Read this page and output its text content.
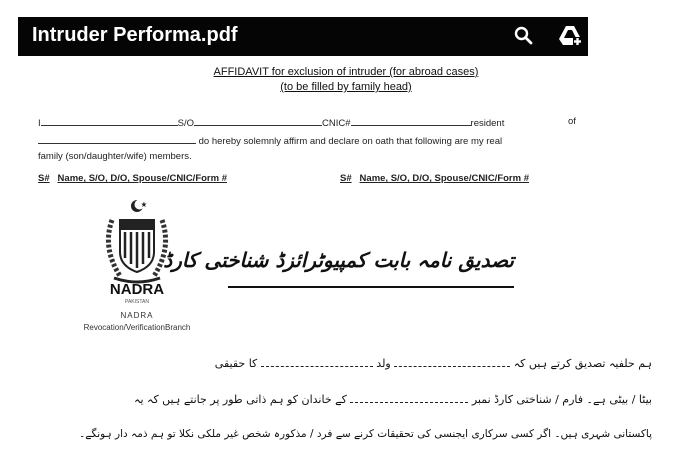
Intruder Performa.pdf
AFFIDAVIT for exclusion of intruder (for abroad cases)
(to be filled by family head)
I	S/O	CNIC#	resident	of
do hereby solemnly affirm and declare on oath that following are my real
family (son/daughter/wife) members.
S# Name, S/O, D/O, Spouse/CNIC/Form #	S# Name, S/O, D/O, Spouse/CNIC/Form #
NADRA
PAKISTAN
NADRA
Revocation/VerificationBranch
تصدیق نامہ بابت کمپیوٹرائزڈ شناختی کارڈ
ہم حلفیہ تصدیق کرتے ہیں کہ  ولد  کا حقیقی
بیٹا / بیٹی ہے۔ فارم / شناختی کارڈ نمبر  کے خاندان کو ہم ذاتی طور پر جانتے ہیں کہ یہ
پاکستانی شہری ہیں۔ اگر کسی سرکاری ایجنسی کی تحقیقات کرنے سے فرد / مذکورہ شخص غیر ملکی نکلا تو ہم ذمہ دار ہونگے۔
